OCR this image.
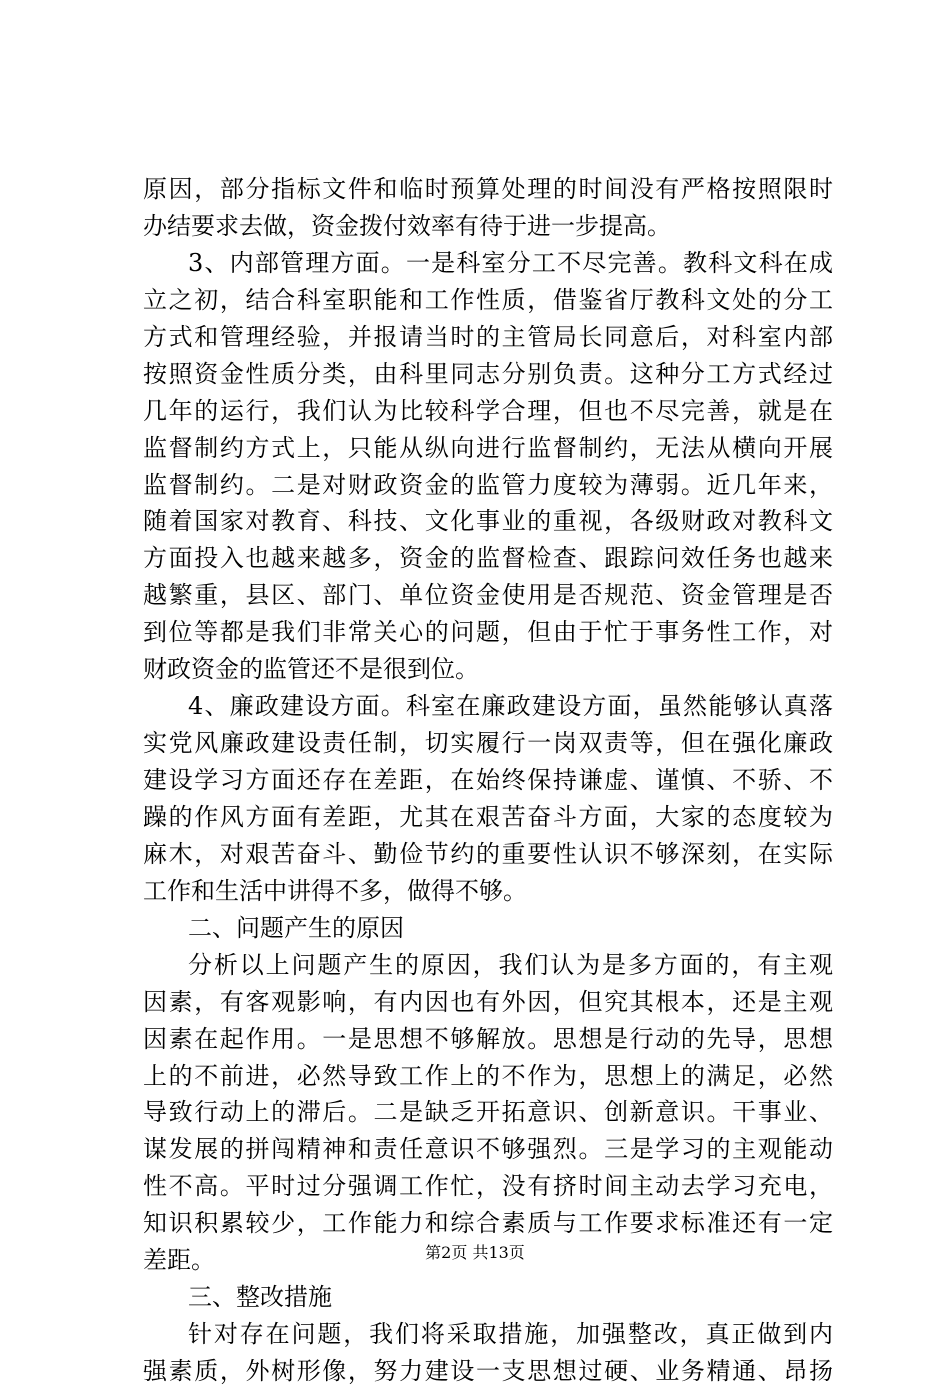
原因，部分指标文件和临时预算处理的时间没有严格按照限时
办结要求去做，资金拨付效率有待于进一步提高。
3、内部管理方面。一是科室分工不尽完善。教科文科在成
立之初，结合科室职能和工作性质，借鉴省厅教科文处的分工
方式和管理经验，并报请当时的主管局长同意后，对科室内部
按照资金性质分类，由科里同志分别负责。这种分工方式经过
几年的运行，我们认为比较科学合理，但也不尽完善，就是在
监督制约方式上，只能从纵向进行监督制约，无法从横向开展
监督制约。二是对财政资金的监管力度较为薄弱。近几年来，
随着国家对教育、科技、文化事业的重视，各级财政对教科文
方面投入也越来越多，资金的监督检查、跟踪问效任务也越来
越繁重，县区、部门、单位资金使用是否规范、资金管理是否
到位等都是我们非常关心的问题，但由于忙于事务性工作，对
财政资金的监管还不是很到位。
4、廉政建设方面。科室在廉政建设方面，虽然能够认真落
实党风廉政建设责任制，切实履行一岗双责等，但在强化廉政
建设学习方面还存在差距，在始终保持谦虚、谨慎、不骄、不
躁的作风方面有差距，尤其在艰苦奋斗方面，大家的态度较为
麻木，对艰苦奋斗、勤俭节约的重要性认识不够深刻，在实际
工作和生活中讲得不多，做得不够。
二、问题产生的原因
分析以上问题产生的原因，我们认为是多方面的，有主观
因素，有客观影响，有内因也有外因，但究其根本，还是主观
因素在起作用。一是思想不够解放。思想是行动的先导，思想
上的不前进，必然导致工作上的不作为，思想上的满足，必然
导致行动上的滞后。二是缺乏开拓意识、创新意识。干事业、
谋发展的拼闯精神和责任意识不够强烈。三是学习的主观能动
性不高。平时过分强调工作忙，没有挤时间主动去学习充电，
知识积累较少，工作能力和综合素质与工作要求标准还有一定
差距。
三、整改措施
针对存在问题，我们将采取措施，加强整改，真正做到内
强素质，外树形像，努力建设一支思想过硬、业务精通、昂扬
第2页 共13页
